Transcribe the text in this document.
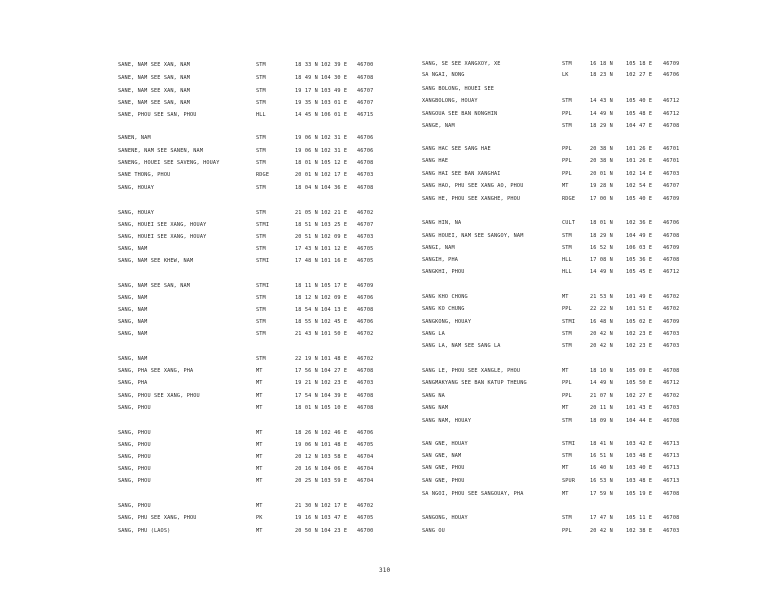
SANE, NAM SEE XAN, NAM	STM	18 33 N 102 39 E 46700
SANE, NAM SEE SAN, NAM	STM	18 49 N 104 30 E 46708
SANE, NAM SEE XAN, NAM	STM	19 17 N 103 49 E 46707
SANE, NAM SEE SAN, NAM	STM	19 35 N 103 01 E 46707
SANE, PHOU SEE SAN, PHOU	HLL	14 45 N 106 01 E 46715
SANEN, NAM	STM	19 06 N 102 31 E 46706
SANENE, NAM SEE SANEN, NAM	STM	19 06 N 102 31 E 46706
SANENG, HOUEI SEE SAVENG, HOUAY	STM	18 01 N 105 12 E 46708
SANE THONG, PHOU	RDGE	20 01 N 102 17 E 46703
SANG, HOUAY	STM	18 04 N 104 36 E 46708
SANG, HOUAY	STM	21 05 N 102 21 E 46702
SANG, HOUEI SEE XANG, HOUAY	STMI	18 51 N 103 25 E 46707
SANG, HOUEI SEE XANG, HOUAY	STM	20 51 N 102 09 E 46703
SANG, NAM	STM	17 43 N 101 12 E 46705
SANG, NAM SEE KHEW, NAM	STMI	17 48 N 101 16 E 46705
SANG, NAM SEE SAN, NAM	STMI	18 11 N 105 17 E 46709
SANG, NAM	STM	18 12 N 102 09 E 46706
SANG, NAM	STM	18 54 N 104 13 E 46708
SANG, NAM	STM	18 55 N 102 45 E 46706
SANG, NAM	STM	21 43 N 101 50 E 46702
SANG, NAM	STM	22 19 N 101 48 E 46702
SANG, PHA SEE XANG, PHA	MT	17 56 N 104 27 E 46708
SANG, PHA	MT	19 21 N 102 23 E 46703
SANG, PHOU SEE XANG, PHOU	MT	17 54 N 104 39 E 46708
SANG, PHOU	MT	18 01 N 105 10 E 46708
SANG, PHOU	MT	18 26 N 102 46 E 46706
SANG, PHOU	MT	19 06 N 101 48 E 46705
SANG, PHOU	MT	20 12 N 103 58 E 46704
SANG, PHOU	MT	20 16 N 104 06 E 46704
SANG, PHOU	MT	20 25 N 103 59 E 46704
SANG, PHOU	MT	21 30 N 102 17 E 46702
SANG, PHU SEE XANG, PHOU	PK	19 16 N 103 47 E 46705
SANG, PHU (LAOS)	MT	20 50 N 104 23 E 46700
SANG, SE SEE XANGXOY, XE	STM	16 18 N	105 18 E 46709
SA NGAI, NONG	LK	18 23 N	102 27 E 46706
SANG BOLONG, HOUEI SEE
XANGBOLONG, HOUAY	STM	14 43 N	105 40 E 46712
SANGOUA SEE BAN NONGHIN	PPL	14 49 N	105 48 E 46712
SANGE, NAM	STM	18 29 N	104 47 E 46708
SANG HAC SEE SANG HAE	PPL	20 38 N	101 26 E 46701
SANG HAE	PPL	20 38 N	101 26 E 46701
SANG HAI SEE BAN XANGHAI	PPL	20 01 N	102 14 E 46703
SANG HAO, PHU SEE XANG AO, PHOU	MT	19 28 N	102 54 E 46707
SANG HE, PHOU SEE XANGHE, PHOU	RDGE	17 00 N	105 40 E 46709
SANG HIN, NA	CULT	18 01 N	102 36 E 46706
SANG HOUEI, NAM SEE SANGOY, NAM	STM	18 29 N	104 49 E 46708
SANGI, NAM	STM	16 52 N	106 03 E 46709
SANGIH, PHA	HLL	17 08 N	105 36 E 46708
SANGKHI, PHOU	HLL	14 49 N	105 45 E 46712
SANG KHO CHONG	MT	21 53 N	101 49 E 46702
SANG KO CHUNG	PPL	22 22 N	101 51 E 46702
SANGKONG, HOUAY	STMI	16 48 N	105 02 E 46709
SANG LA	STM	20 42 N	102 23 E 46703
SANG LA, NAM SEE SANG LA	STM	20 42 N	102 23 E 46703
SANG LE, PHOU SEE XANGLE, PHOU	MT	18 10 N	105 09 E 46708
SANGMAKYANG SEE BAN KATUP THEUNG	PPL	14 49 N	105 50 E 46712
SANG NA	PPL	21 07 N	102 27 E 46702
SANG NAM	MT	20 11 N	101 43 E 46703
SANG NAM, HOUAY	STM	18 09 N	104 44 E 46708
SAN GNE, HOUAY	STMI	18 41 N	103 42 E 46713
SAN GNE, NAM	STM	16 51 N	103 48 E 46713
SAN GNE, PHOU	MT	16 40 N	103 40 E 46713
SAN GNE, PHOU	SPUR	16 53 N	103 48 E 46713
SA NGOI, PHOU SEE SANGOUAY, PHA	MT	17 59 N	105 19 E 46708
SANGONG, HOUAY	STM	17 47 N	105 11 E 46708
SANG OU	PPL	20 42 N	102 38 E 46703
310
